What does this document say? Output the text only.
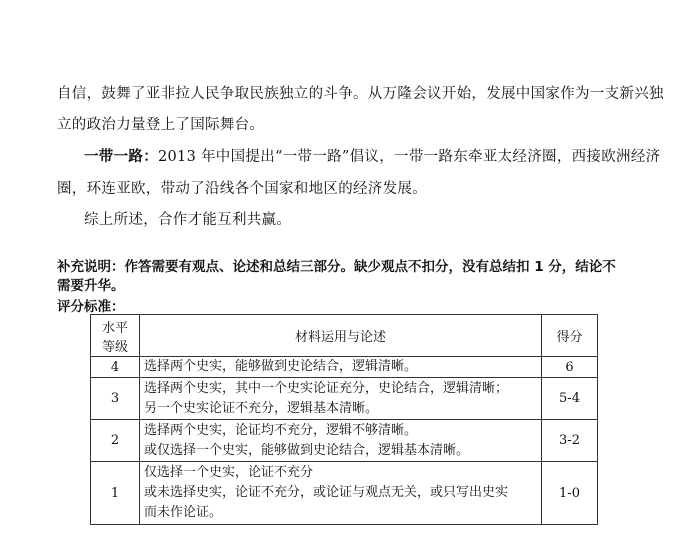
自信，鼓舞了亚非拉人民争取民族独立的斗争。从万隆会议开始，发展中国家作为一支新兴独
立的政治力量登上了国际舞台。
一带一路：2013 年中国提出“一带一路”倡议，一带一路东牵亚太经济圈，西接欧洲经济
圈，环连亚欧，带动了沿线各个国家和地区的经济发展。
综上所述，合作才能互利共赢。
补充说明：作答需要有观点、论述和总结三部分。缺少观点不扣分，没有总结扣 1 分，结论不
需要升华。
评分标准：
水平
等级	材料运用与论述	得分
4	选择两个史实，能够做到史论结合，逻辑清晰。	6
3	选择两个史实，其中一个史实论证充分，史论结合，逻辑清晰；
另一个史实论证不充分，逻辑基本清晰。	5-4
2	选择两个史实，论证均不充分，逻辑不够清晰。
或仅选择一个史实，能够做到史论结合，逻辑基本清晰。	3-2
1	仅选择一个史实，论证不充分
或未选择史实，论证不充分，或论证与观点无关，或只写出史实
而未作论证。	1-0
